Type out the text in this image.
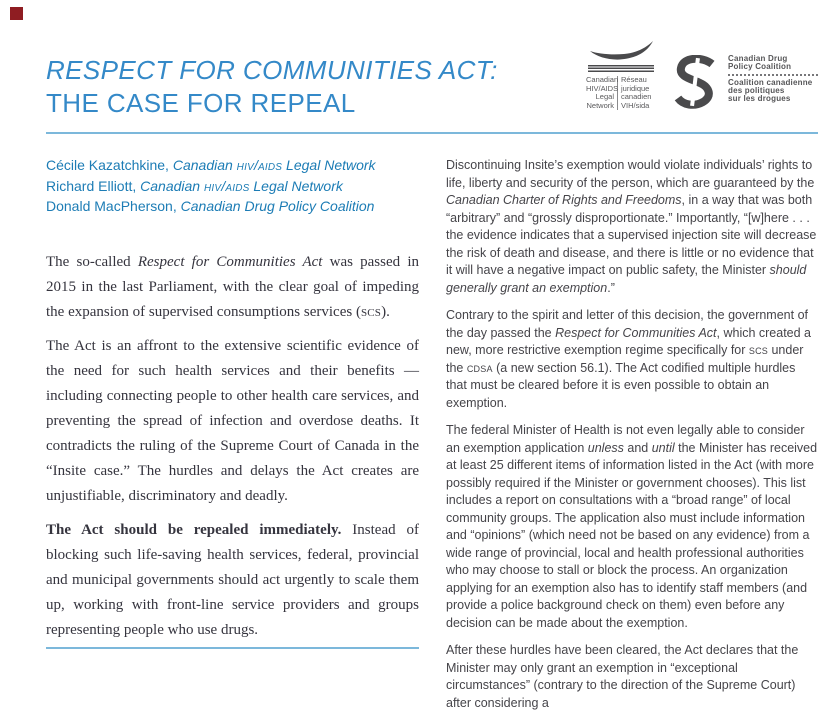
RESPECT FOR COMMUNITIES ACT:
THE CASE FOR REPEAL
Canadian
HIV/AIDS
Legal
Network
Réseau
juridique
canadien
VIH/sida
Canadian Drug
Policy Coalition
Coalition canadienne
des politiques
sur les drogues
Cécile Kazatchkine, Canadian hiv/aids Legal Network
Richard Elliott, Canadian hiv/aids Legal Network
Donald MacPherson, Canadian Drug Policy Coalition

The so-called Respect for Communities Act was passed in 2015 in the last Parliament, with the clear goal of impeding the expansion of supervised consumptions services (scs).

The Act is an affront to the extensive scientific evidence of the need for such health services and their benefits — including connecting people to other health care services, and preventing the spread of infection and overdose deaths. It contradicts the ruling of the Supreme Court of Canada in the “Insite case.” The hurdles and delays the Act creates are unjustifiable, discriminatory and deadly.

The Act should be repealed immediately. Instead of blocking such life-saving health services, federal, provincial and municipal governments should act urgently to scale them up, working with front-line service providers and groups representing people who use drugs.

Discontinuing Insite’s exemption would violate individuals’ rights to life, liberty and security of the person, which are guaranteed by the Canadian Charter of Rights and Freedoms, in a way that was both “arbitrary” and “grossly disproportionate.” Importantly, “[w]here . . . the evidence indicates that a supervised injection site will decrease the risk of death and disease, and there is little or no evidence that it will have a negative impact on public safety, the Minister should generally grant an exemption.”

Contrary to the spirit and letter of this decision, the government of the day passed the Respect for Communities Act, which created a new, more restrictive exemption regime specifically for scs under the cdsa (a new section 56.1). The Act codified multiple hurdles that must be cleared before it is even possible to obtain an exemption.

The federal Minister of Health is not even legally able to consider an exemption application unless and until the Minister has received at least 25 different items of information listed in the Act (with more possibly required if the Minister or government chooses). This list includes a report on consultations with a “broad range” of local community groups. The application also must include information and “opinions” (which need not be based on any evidence) from a wide range of provincial, local and health professional authorities who may choose to stall or block the process. An organization applying for an exemption also has to identify staff members (and provide a police background check on them) even before any decision can be made about the exemption.

After these hurdles have been cleared, the Act declares that the Minister may only grant an exemption in “exceptional circumstances” (contrary to the direction of the Supreme Court) after considering a
